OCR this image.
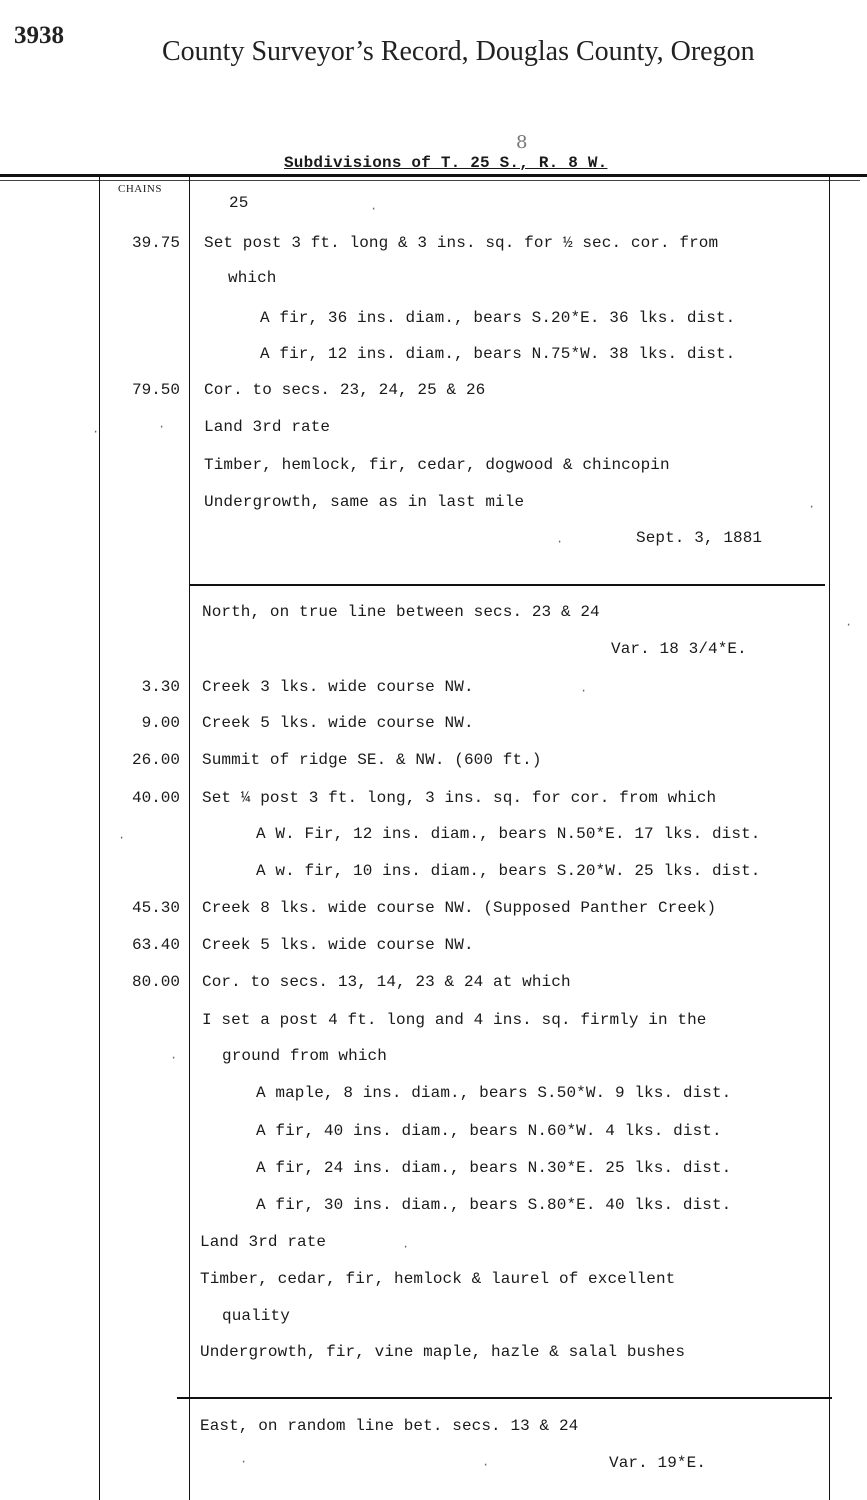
3938
County Surveyor’s Record, Douglas County, Oregon
8
Subdivisions of T. 25 S., R. 8 W.
CHAINS
25
39.75 Set post 3 ft. long & 3 ins. sq. for ½ sec. cor. from
which
A fir, 36 ins. diam., bears S.20*E. 36 lks. dist.
A fir, 12 ins. diam., bears N.75*W. 38 lks. dist.
79.50 Cor. to secs. 23, 24, 25 & 26
Land 3rd rate
Timber, hemlock, fir, cedar, dogwood & chincopin
Undergrowth, same as in last mile
Sept. 3, 1881
North, on true line between secs. 23 & 24
Var. 18 3/4*E.
3.30 Creek 3 lks. wide course NW.
9.00 Creek 5 lks. wide course NW.
26.00 Summit of ridge SE. & NW. (600 ft.)
40.00 Set ¼ post 3 ft. long, 3 ins. sq. for cor. from which
A W. Fir, 12 ins. diam., bears N.50*E. 17 lks. dist.
A w. fir, 10 ins. diam., bears S.20*W. 25 lks. dist.
45.30 Creek 8 lks. wide course NW. (Supposed Panther Creek)
63.40 Creek 5 lks. wide course NW.
80.00 Cor. to secs. 13, 14, 23 & 24 at which
I set a post 4 ft. long and 4 ins. sq. firmly in the
ground from which
A maple, 8 ins. diam., bears S.50*W. 9 lks. dist.
A fir, 40 ins. diam., bears N.60*W. 4 lks. dist.
A fir, 24 ins. diam., bears N.30*E. 25 lks. dist.
A fir, 30 ins. diam., bears S.80*E. 40 lks. dist.
Land 3rd rate
Timber, cedar, fir, hemlock & laurel of excellent
quality
Undergrowth, fir, vine maple, hazle & salal bushes
East, on random line bet. secs. 13 & 24
Var. 19*E.
·
·
·
·
·
·
·
·
·
·
·	·
